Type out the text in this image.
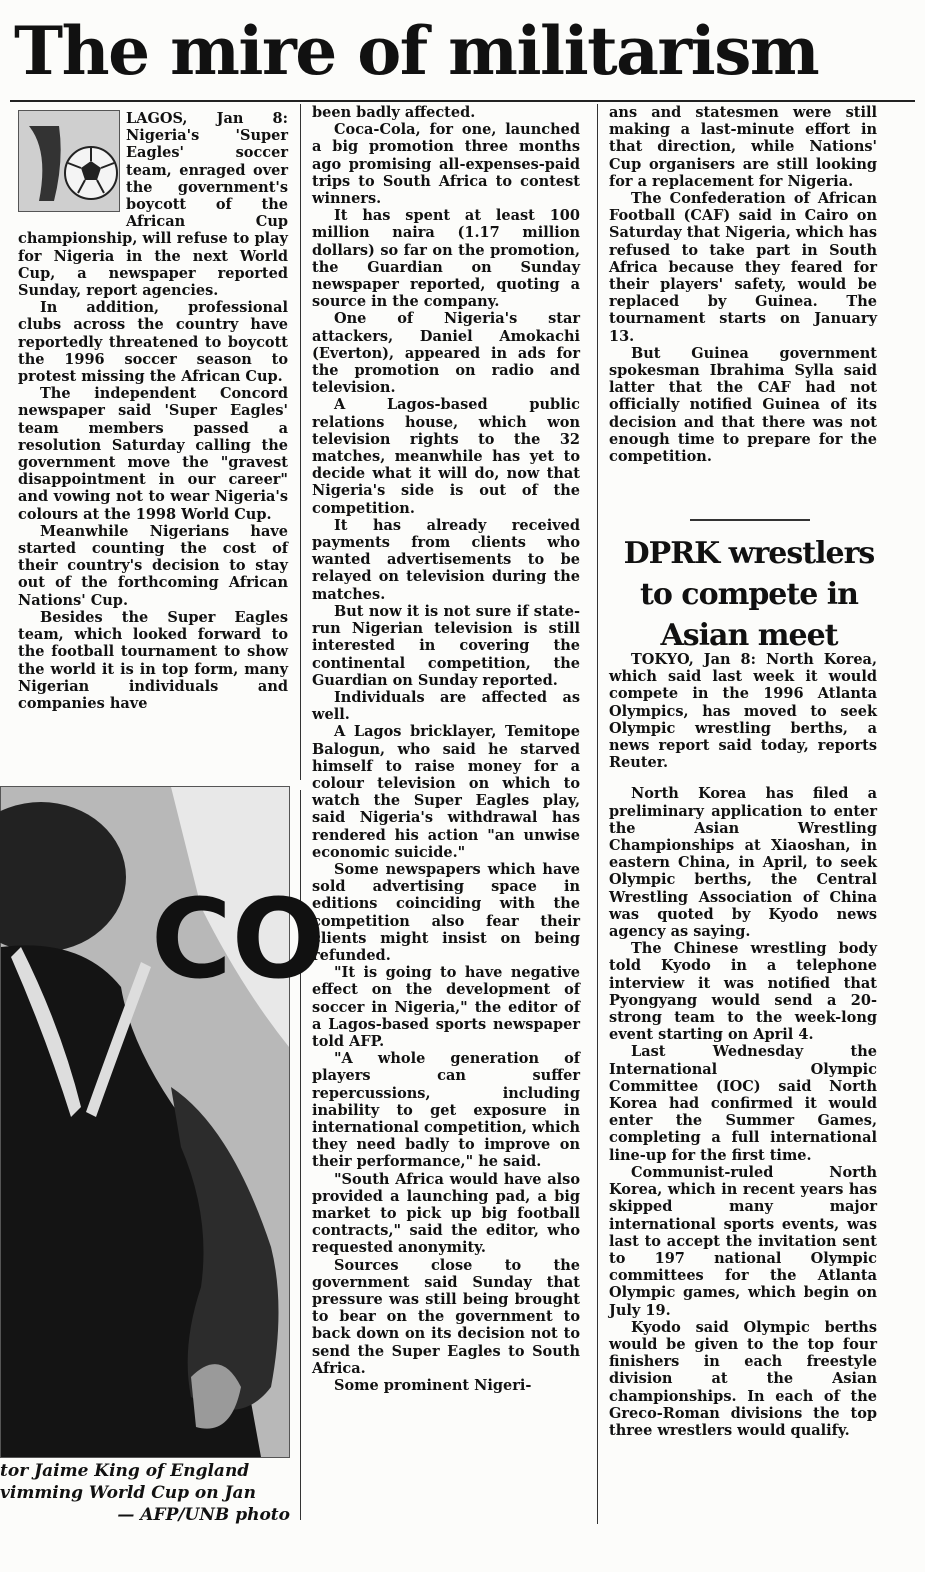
The mire of militarism

LAGOS, Jan 8: Nigeria's 'Super Eagles' soccer team, enraged over the government's boycott of the African Cup championship, will refuse to play for Nigeria in the next World Cup, a newspaper reported Sunday, report agencies.

In addition, professional clubs across the country have reportedly threatened to boycott the 1996 soccer season to protest missing the African Cup.

The independent Concord newspaper said 'Super Eagles' team members passed a resolution Saturday calling the government move the "gravest disappointment in our career" and vowing not to wear Nigeria's colours at the 1998 World Cup.

Meanwhile Nigerians have started counting the cost of their country's decision to stay out of the forthcoming African Nations' Cup.

Besides the Super Eagles team, which looked forward to the football tournament to show the world it is in top form, many Nigerian individuals and companies have

been badly affected.

Coca-Cola, for one, launched a big promotion three months ago promising all-expenses-paid trips to South Africa to contest winners.

It has spent at least 100 million naira (1.17 million dollars) so far on the promotion, the Guardian on Sunday newspaper reported, quoting a source in the company.

One of Nigeria's star attackers, Daniel Amokachi (Everton), appeared in ads for the promotion on radio and television.

A Lagos-based public relations house, which won television rights to the 32 matches, meanwhile has yet to decide what it will do, now that Nigeria's side is out of the competition.

It has already received payments from clients who wanted advertisements to be relayed on television during the matches.

But now it is not sure if state-run Nigerian television is still interested in covering the continental competition, the Guardian on Sunday reported.

Individuals are affected as well.

A Lagos bricklayer, Temitope Balogun, who said he starved himself to raise money for a colour television on which to watch the Super Eagles play, said Nigeria's withdrawal has rendered his action "an unwise economic suicide."

Some newspapers which have sold advertising space in editions coinciding with the competition also fear their clients might insist on being refunded.

"It is going to have negative effect on the development of soccer in Nigeria," the editor of a Lagos-based sports newspaper told AFP.

"A whole generation of players can suffer repercussions, including inability to get exposure in international competition, which they need badly to improve on their performance," he said.

"South Africa would have also provided a launching pad, a big market to pick up big football contracts," said the editor, who requested anonymity.

Sources close to the government said Sunday that pressure was still being brought to bear on the government to back down on its decision not to send the Super Eagles to South Africa.

Some prominent Nigeri-

ans and statesmen were still making a last-minute effort in that direction, while Nations' Cup organisers are still looking for a replacement for Nigeria.

The Confederation of African Football (CAF) said in Cairo on Saturday that Nigeria, which has refused to take part in South Africa because they feared for their players' safety, would be replaced by Guinea. The tournament starts on January 13.

But Guinea government spokesman Ibrahima Sylla said latter that the CAF had not officially notified Guinea of its decision and that there was not enough time to prepare for the competition.

DPRK wrestlers to compete in Asian meet

TOKYO, Jan 8: North Korea, which said last week it would compete in the 1996 Atlanta Olympics, has moved to seek Olympic wrestling berths, a news report said today, reports Reuter.

North Korea has filed a preliminary application to enter the Asian Wrestling Championships at Xiaoshan, in eastern China, in April, to seek Olympic berths, the Central Wrestling Association of China was quoted by Kyodo news agency as saying.

The Chinese wrestling body told Kyodo in a telephone interview it was notified that Pyongyang would send a 20-strong team to the week-long event starting on April 4.

Last Wednesday the International Olympic Committee (IOC) said North Korea had confirmed it would enter the Summer Games, completing a full international line-up for the first time.

Communist-ruled North Korea, which in recent years has skipped many major international sports events, was last to accept the invitation sent to 197 national Olympic committees for the Atlanta Olympic games, which begin on July 19.

Kyodo said Olympic berths would be given to the top four finishers in each freestyle division at the Asian championships. In each of the Greco-Roman divisions the top three wrestlers would qualify.

CO
tor Jaime King of England
vimming World Cup on Jan
— AFP/UNB photo
